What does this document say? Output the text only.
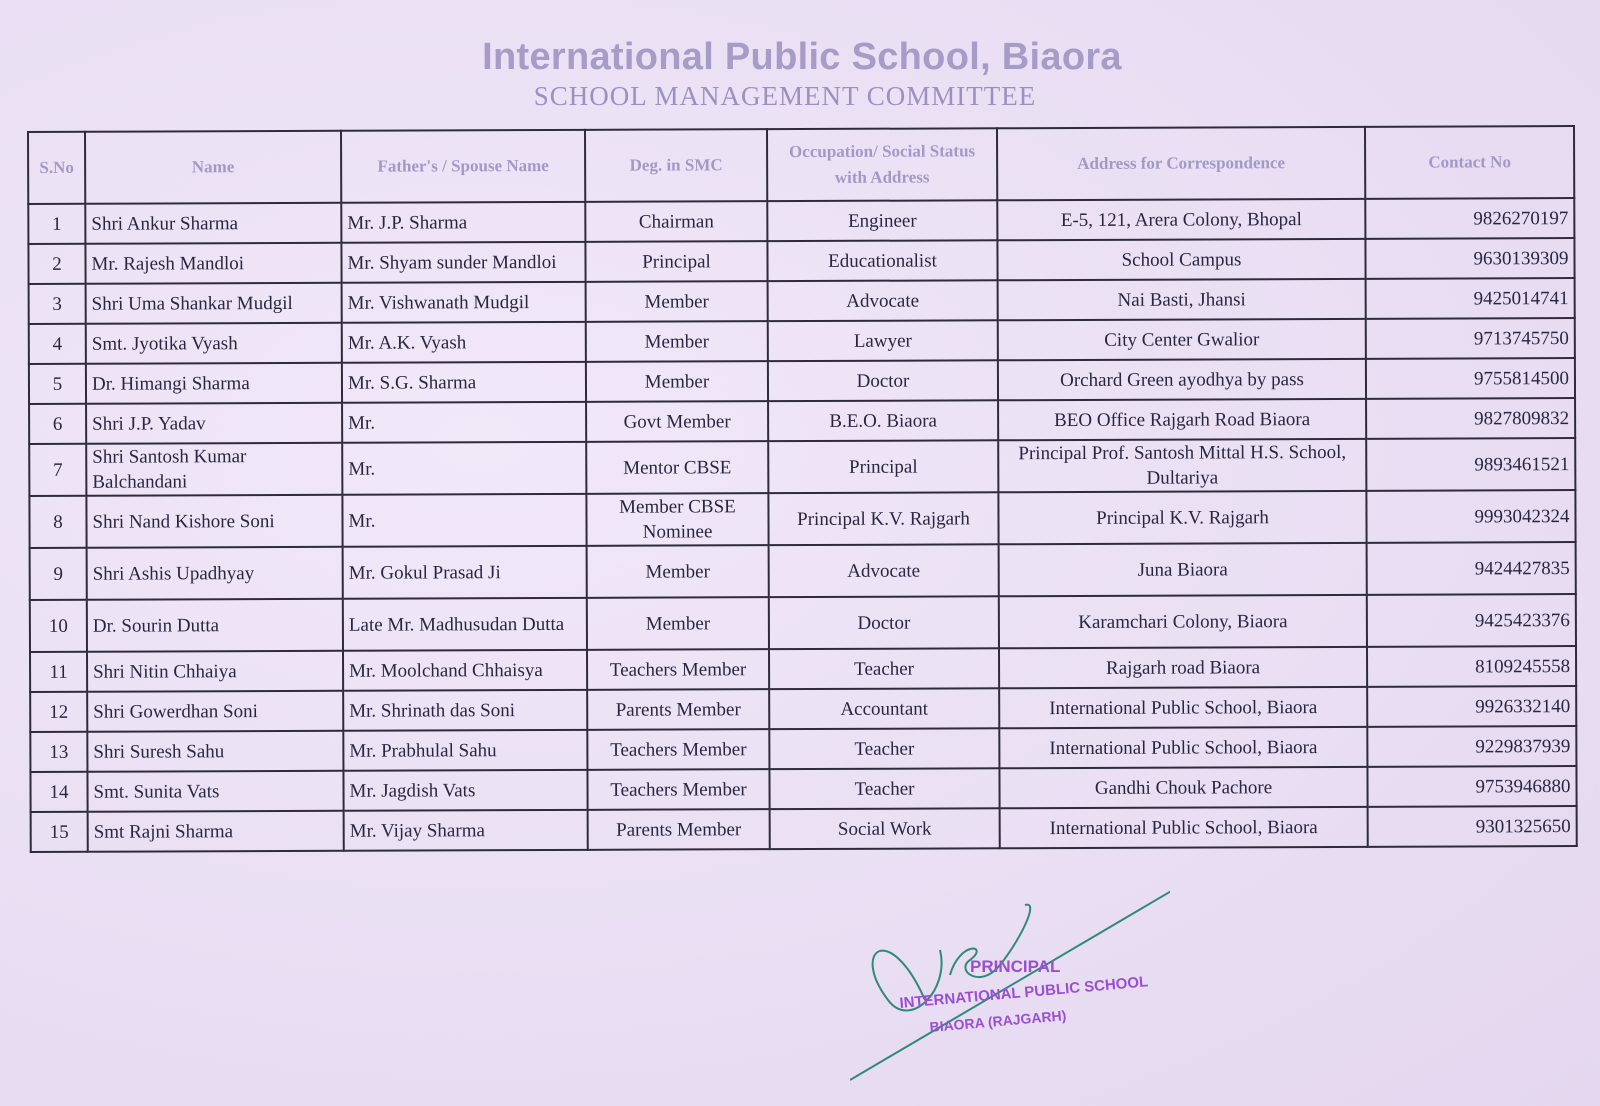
International Public School, Biaora
SCHOOL MANAGEMENT COMMITTEE
S.No	Name	Father's / Spouse Name	Deg. in SMC	Occupation/ Social Status with Address	Address for Correspondence	Contact No
1	Shri Ankur Sharma	Mr. J.P. Sharma	Chairman	Engineer	E-5, 121, Arera Colony, Bhopal	9826270197
2	Mr. Rajesh Mandloi	Mr. Shyam sunder Mandloi	Principal	Educationalist	School Campus	9630139309
3	Shri Uma Shankar Mudgil	Mr. Vishwanath Mudgil	Member	Advocate	Nai Basti, Jhansi	9425014741
4	Smt. Jyotika Vyash	Mr. A.K. Vyash	Member	Lawyer	City Center Gwalior	9713745750
5	Dr. Himangi Sharma	Mr. S.G. Sharma	Member	Doctor	Orchard Green ayodhya by pass	9755814500
6	Shri J.P. Yadav	Mr.	Govt Member	B.E.O. Biaora	BEO Office Rajgarh Road Biaora	9827809832
7	Shri Santosh Kumar Balchandani	Mr.	Mentor CBSE	Principal	Principal Prof. Santosh Mittal H.S. School, Dultariya	9893461521
8	Shri Nand Kishore Soni	Mr.	Member CBSE Nominee	Principal K.V. Rajgarh	Principal K.V. Rajgarh	9993042324
9	Shri Ashis Upadhyay	Mr. Gokul Prasad Ji	Member	Advocate	Juna Biaora	9424427835
10	Dr. Sourin Dutta	Late Mr. Madhusudan Dutta	Member	Doctor	Karamchari Colony, Biaora	9425423376
11	Shri Nitin Chhaiya	Mr. Moolchand Chhaisya	Teachers Member	Teacher	Rajgarh road Biaora	8109245558
12	Shri Gowerdhan Soni	Mr. Shrinath das Soni	Parents Member	Accountant	International Public School, Biaora	9926332140
13	Shri Suresh Sahu	Mr. Prabhulal Sahu	Teachers Member	Teacher	International Public School, Biaora	9229837939
14	Smt. Sunita Vats	Mr. Jagdish Vats	Teachers Member	Teacher	Gandhi Chouk Pachore	9753946880
15	Smt Rajni Sharma	Mr. Vijay Sharma	Parents Member	Social Work	International Public School, Biaora	9301325650
PRINCIPAL
INTERNATIONAL PUBLIC SCHOOL
BIAORA (RAJGARH)
